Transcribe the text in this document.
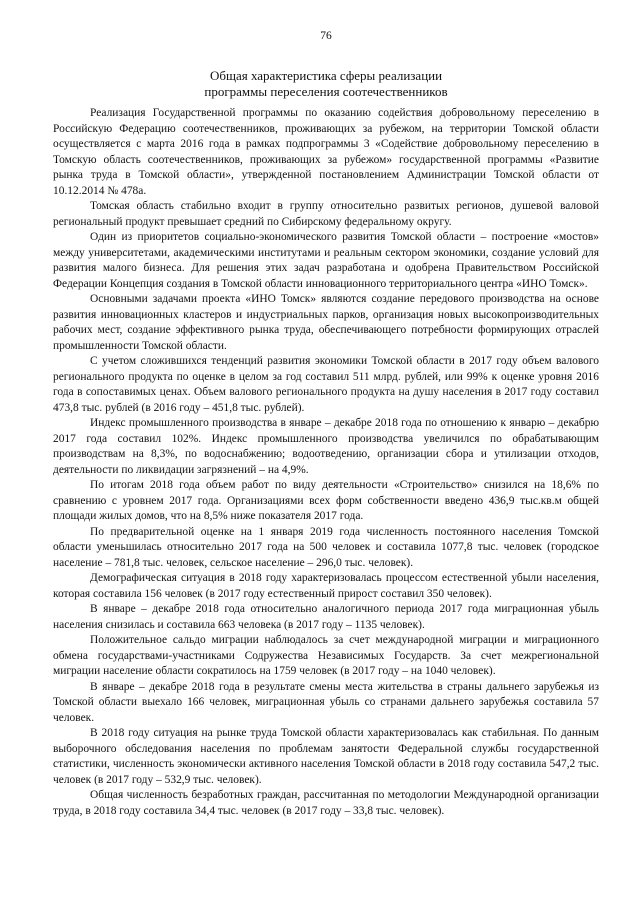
76
Общая характеристика сферы реализации
программы переселения соотечественников

Реализация Государственной программы по оказанию содействия добровольному переселению в Российскую Федерацию соотечественников, проживающих за рубежом, на территории Томской области осуществляется с марта 2016 года в рамках подпрограммы 3 «Содействие добровольному переселению в Томскую область соотечественников, проживающих за рубежом» государственной программы «Развитие рынка труда в Томской области», утвержденной постановлением Администрации Томской области от 10.12.2014 № 478а.

Томская область стабильно входит в группу относительно развитых регионов, душевой валовой региональный продукт превышает средний по Сибирскому федеральному округу.

Один из приоритетов социально-экономического развития Томской области – построение «мостов» между университетами, академическими институтами и реальным сектором экономики, создание условий для развития малого бизнеса. Для решения этих задач разработана и одобрена Правительством Российской Федерации Концепция создания в Томской области инновационного территориального центра «ИНО Томск».

Основными задачами проекта «ИНО Томск» являются создание передового производства на основе развития инновационных кластеров и индустриальных парков, организация новых высокопроизводительных рабочих мест, создание эффективного рынка труда, обеспечивающего потребности формирующих отраслей промышленности Томской области.

С учетом сложившихся тенденций развития экономики Томской области в 2017 году объем валового регионального продукта по оценке в целом за год составил 511 млрд. рублей, или 99% к оценке уровня 2016 года в сопоставимых ценах. Объем валового регионального продукта на душу населения в 2017 году составил 473,8 тыс. рублей (в 2016 году – 451,8 тыс. рублей).

Индекс промышленного производства в январе – декабре 2018 года по отношению к январю – декабрю 2017 года составил 102%. Индекс промышленного производства увеличился по обрабатывающим производствам на 8,3%, по водоснабжению; водоотведению, организации сбора и утилизации отходов, деятельности по ликвидации загрязнений – на 4,9%.

По итогам 2018 года объем работ по виду деятельности «Строительство» снизился на 18,6% по сравнению с уровнем 2017 года. Организациями всех форм собственности введено 436,9 тыс.кв.м общей площади жилых домов, что на 8,5% ниже показателя 2017 года.

По предварительной оценке на 1 января 2019 года численность постоянного населения Томской области уменьшилась относительно 2017 года на 500 человек и составила 1077,8 тыс. человек (городское население – 781,8 тыс. человек, сельское население – 296,0 тыс. человек).

Демографическая ситуация в 2018 году характеризовалась процессом естественной убыли населения, которая составила 156 человек (в 2017 году естественный прирост составил 350 человек).

В январе – декабре 2018 года относительно аналогичного периода 2017 года миграционная убыль населения снизилась и составила 663 человека (в 2017 году – 1135 человек).

Положительное сальдо миграции наблюдалось за счет международной миграции и миграционного обмена государствами-участниками Содружества Независимых Государств. За счет межрегиональной миграции население области сократилось на 1759 человек (в 2017 году – на 1040 человек).

В январе – декабре 2018 года в результате смены места жительства в страны дальнего зарубежья из Томской области выехало 166 человек, миграционная убыль со странами дальнего зарубежья составила 57 человек.

В 2018 году ситуация на рынке труда Томской области характеризовалась как стабильная. По данным выборочного обследования населения по проблемам занятости Федеральной службы государственной статистики, численность экономически активного населения Томской области в 2018 году составила 547,2 тыс. человек (в 2017 году – 532,9 тыс. человек).

Общая численность безработных граждан, рассчитанная по методологии Международной организации труда, в 2018 году составила 34,4 тыс. человек (в 2017 году – 33,8 тыс. человек).
